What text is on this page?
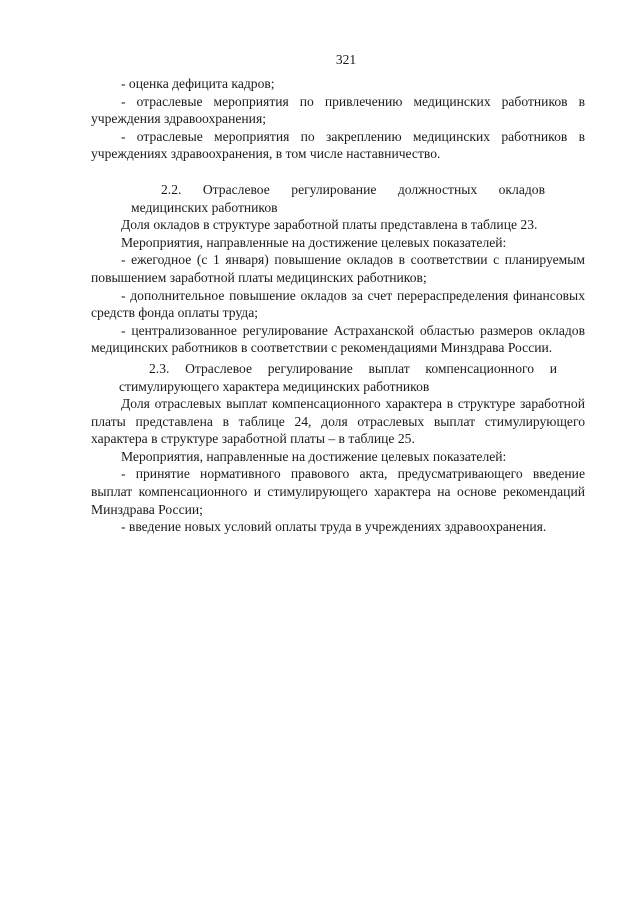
321

- оценка дефицита кадров;

- отраслевые мероприятия по привлечению медицинских работников в учреждения здравоохранения;

- отраслевые мероприятия по закреплению медицинских работников в учреждениях здравоохранения, в том числе наставничество.

2.2. Отраслевое регулирование должностных окладов медицинских работников

Доля окладов в структуре заработной платы представлена в таблице 23.

Мероприятия, направленные на достижение целевых показателей:

- ежегодное (с 1 января) повышение окладов в соответствии с планируемым повышением заработной платы медицинских работников;

- дополнительное повышение окладов за счет перераспределения финансовых средств фонда оплаты труда;

- централизованное регулирование Астраханской областью размеров окладов медицинских работников в соответствии с рекомендациями Минздрава России.

2.3. Отраслевое регулирование выплат компенсационного и стимулирующего характера медицинских работников

Доля отраслевых выплат компенсационного характера в структуре заработной платы представлена в таблице 24, доля отраслевых выплат стимулирующего характера в структуре заработной платы – в таблице 25.

Мероприятия, направленные на достижение целевых показателей:

- принятие нормативного правового акта, предусматривающего введение выплат компенсационного и стимулирующего характера на основе рекомендаций Минздрава России;

- введение новых условий оплаты труда в учреждениях здравоохранения.
